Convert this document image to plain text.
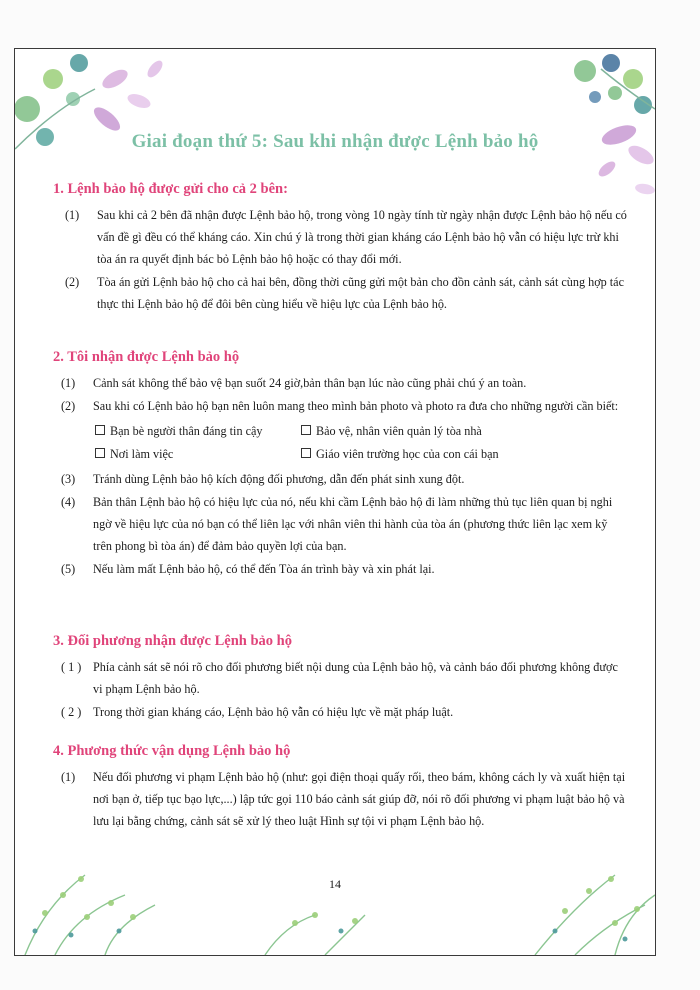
Giai đoạn thứ 5: Sau khi nhận được Lệnh bảo hộ
1. Lệnh bảo hộ được gửi cho cả 2 bên:
(1) Sau khi cả 2 bên đã nhận được Lệnh bảo hộ, trong vòng 10 ngày tính từ ngày nhận được Lệnh bảo hộ nếu có vấn đề gì đều có thể kháng cáo. Xin chú ý là trong thời gian kháng cáo Lệnh bảo hộ vẫn có hiệu lực trừ khi tòa án ra quyết định bác bỏ Lệnh bảo hộ hoặc có thay đổi mới.
(2) Tòa án gửi Lệnh bảo hộ cho cả hai bên, đồng thời cũng gửi một bản cho đồn cảnh sát, cảnh sát cùng hợp tác thực thi Lệnh bảo hộ để đôi bên cùng hiểu về hiệu lực của Lệnh bảo hộ.
2. Tôi nhận được Lệnh bảo hộ
(1) Cảnh sát không thể bảo vệ bạn suốt 24 giờ,bản thân bạn lúc nào cũng phải chú ý an toàn.
(2) Sau khi có Lệnh bảo hộ bạn nên luôn mang theo mình bản photo và photo ra đưa cho những người cần biết:
Bạn bè người thân đáng tin cậy	Bảo vệ, nhân viên quản lý tòa nhà
Nơi làm việc	Giáo viên trường học của con cái bạn
(3) Tránh dùng Lệnh bảo hộ kích động đối phương, dẫn đến phát sinh xung đột.
(4) Bản thân Lệnh bảo hộ có hiệu lực của nó, nếu khi cầm Lệnh bảo hộ đi làm những thủ tục liên quan bị nghi ngờ về hiệu lực của nó bạn có thể liên lạc với nhân viên thi hành của tòa án (phương thức liên lạc xem kỹ trên phong bì tòa án) để đảm bảo quyền lợi của bạn.
(5) Nếu làm mất Lệnh bảo hộ, có thể đến Tòa án trình bày và xin phát lại.
3. Đối phương nhận được Lệnh bảo hộ
( 1 ) Phía cảnh sát sẽ nói rõ cho đối phương biết nội dung của Lệnh bảo hộ, và cảnh báo đối phương không được vi phạm Lệnh bảo hộ.
( 2 ) Trong thời gian kháng cáo, Lệnh bảo hộ vẫn có hiệu lực về mặt pháp luật.
4. Phương thức vận dụng Lệnh bảo hộ
(1) Nếu đối phương vi phạm Lệnh bảo hộ (như: gọi điện thoại quấy rối, theo bám, không cách ly và xuất hiện tại nơi bạn ở, tiếp tục bạo lực,...) lập tức gọi 110 báo cảnh sát giúp đỡ, nói rõ đối phương vi phạm luật bảo hộ và lưu lại bằng chứng, cảnh sát sẽ xử lý theo luật Hình sự tội vi phạm Lệnh bảo hộ.
14
